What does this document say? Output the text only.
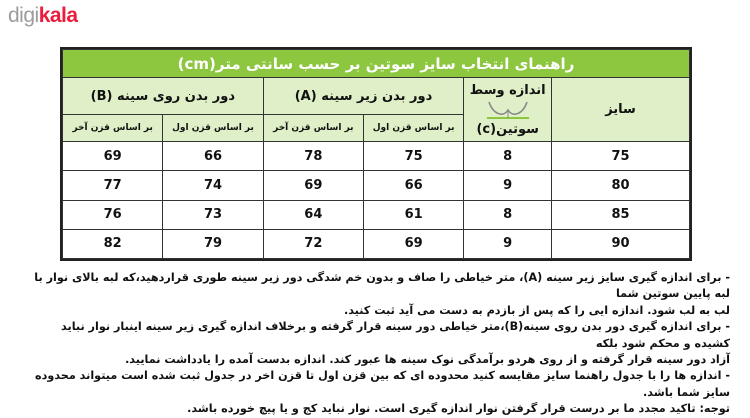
digikala
راهنمای انتخاب سایز سوتین بر حسب سانتی متر(cm)					
سایز	اندازه وسط
سوتین(c)	دور بدن زیر سینه (A)		دور بدن روی سینه (B)	
		بر اساس قزن اول	بر اساس قزن آخر	بر اساس قزن اول	بر اساس قزن آخر
75	8	75	78	66	69
80	9	66	69	74	77
85	8	61	64	73	76
90	9	69	72	79	82

- برای اندازه گیری سایز زیر سینه (A)، متر خیاطی را صاف و بدون خم شدگی دور زیر سینه طوری قراردهید،که لبه بالای نوار با لبه پایین سوتین شما

لب به لب شود. اندازه ایی را که پس از بازدم به دست می آید ثبت کنید.

- برای اندازه گیری دور بدن روی سینه(B)،متر خیاطی دور سینه قرار گرفته و برخلاف اندازه گیری زیر سینه اینبار نوار نباید کشیده و محکم شود بلکه

آزاد دور سینه قرار گرفته و از روی هردو برآمدگی نوک سینه ها عبور کند. اندازه بدست آمده را یادداشت نمایید.

- اندازه ها را با جدول راهنما سایز مقایسه کنید محدوده ای که بین قزن اول تا قزن اخر در جدول ثبت شده است میتواند محدوده سایز شما باشد.

توجه: تاکید مجدد ما بر درست قرار گرفتن نوار اندازه گیری است. نوار نباید کج و یا پیچ خورده باشد.
